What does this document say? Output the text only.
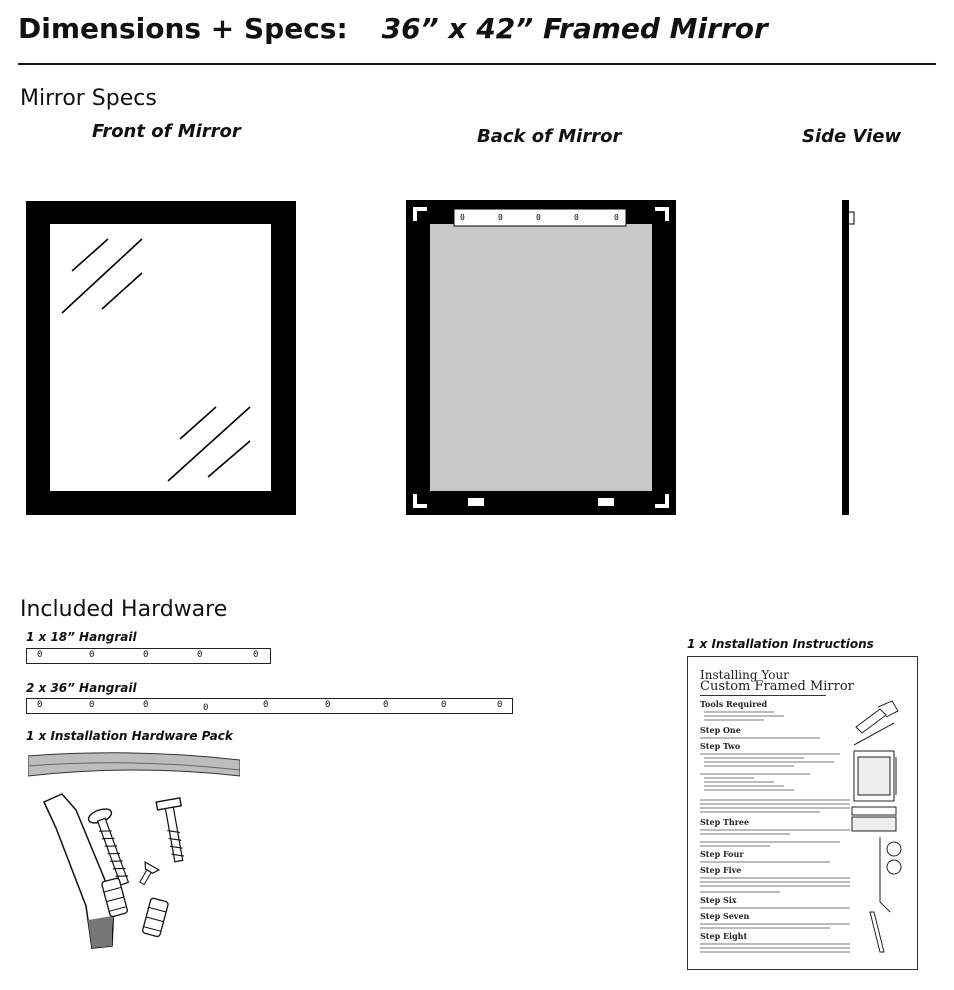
Dimensions + Specs: 36” x 42” Framed Mirror
Mirror Specs
Front of Mirror	Back of Mirror	Side View
0	0	0	0	0
Included Hardware
1 x 18” Hangrail
0	0	0	0	0
2 x 36” Hangrail
0	0	0	0	0	0	0	0	0
1 x Installation Hardware Pack
1 x Installation Instructions
Installing Your
Custom Framed Mirror
Tools Required
Step One
Step Two
Step Three
Step Four
Step Five
Step Six
Step Seven
Step Eight
